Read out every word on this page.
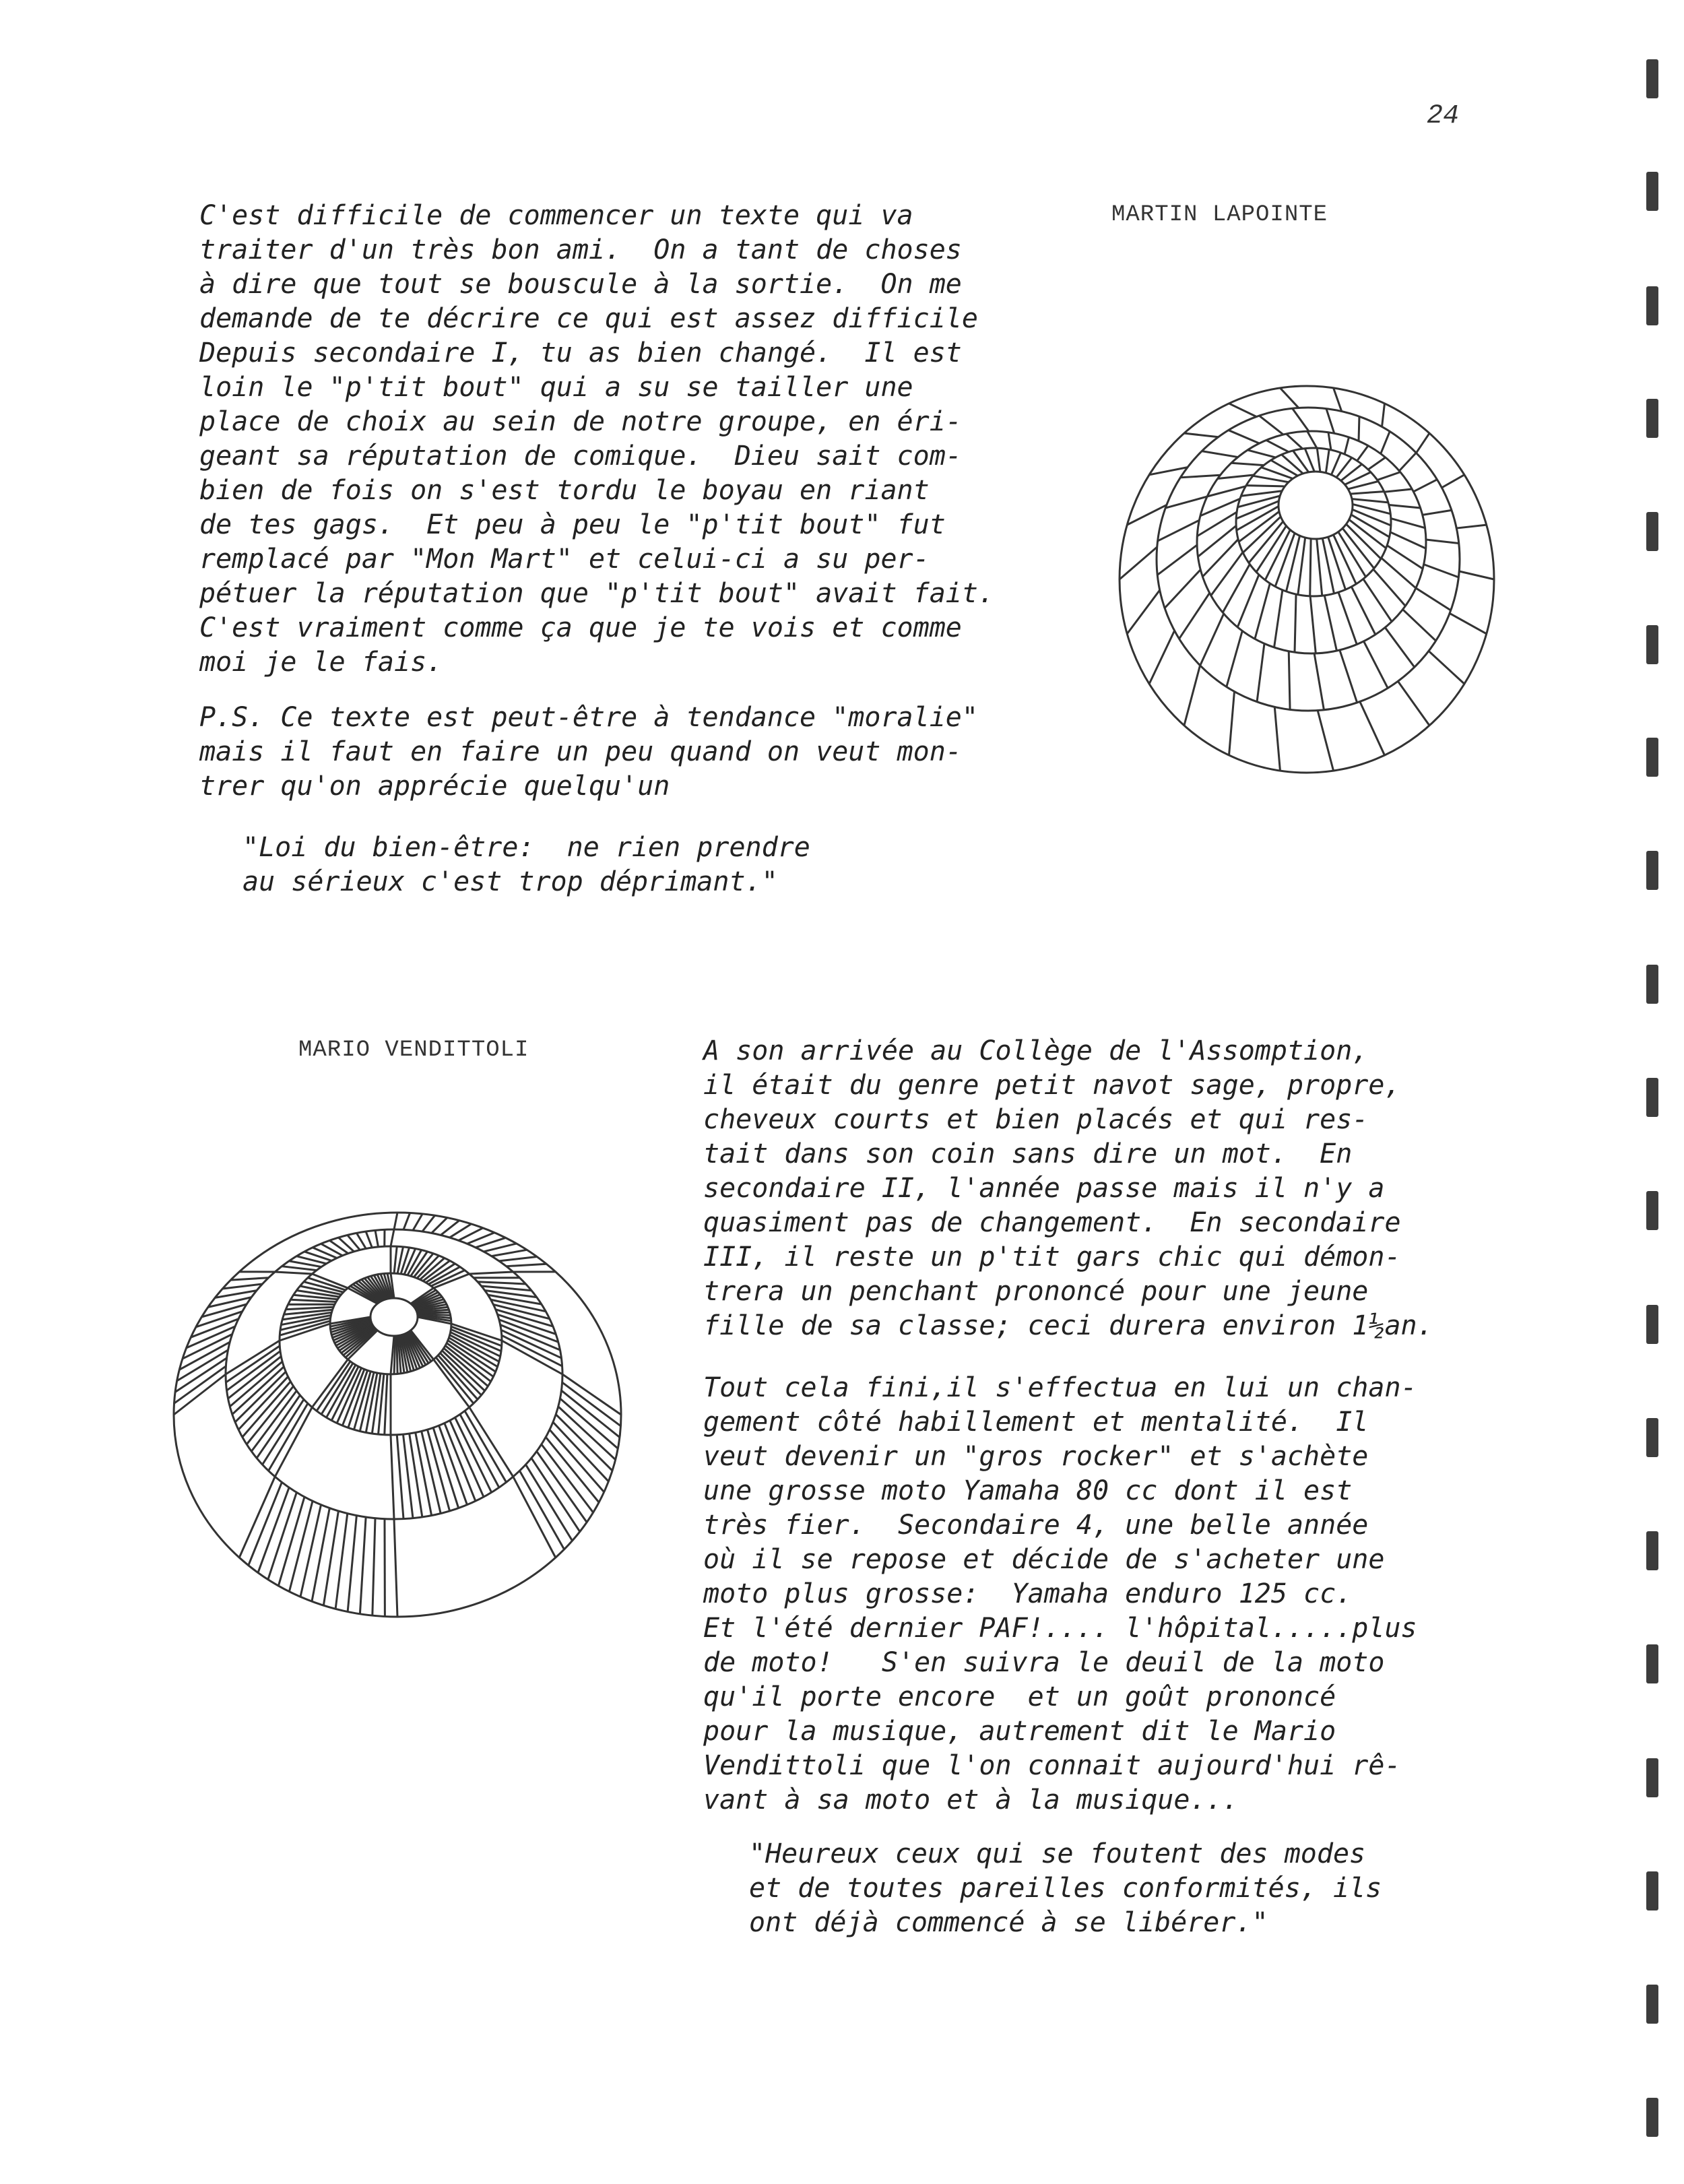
24
MARTIN LAPOINTE

C'est difficile de commencer un texte qui va
traiter d'un très bon ami.  On a tant de choses
à dire que tout se bouscule à la sortie.  On me
demande de te décrire ce qui est assez difficile
Depuis secondaire I, tu as bien changé.  Il est
loin le "p'tit bout" qui a su se tailler une
place de choix au sein de notre groupe, en éri-
geant sa réputation de comique.  Dieu sait com-
bien de fois on s'est tordu le boyau en riant
de tes gags.  Et peu à peu le "p'tit bout" fut
remplacé par "Mon Mart" et celui-ci a su per-
pétuer la réputation que "p'tit bout" avait fait.
C'est vraiment comme ça que je te vois et comme
moi je le fais.

P.S. Ce texte est peut-être à tendance "moralie"
mais il faut en faire un peu quand on veut mon-
trer qu'on apprécie quelqu'un

"Loi du bien-être:  ne rien prendre
au sérieux c'est trop déprimant."

MARIO VENDITTOLI	A son arrivée au Collège de l'Assomption,
il était du genre petit navot sage, propre,
cheveux courts et bien placés et qui res-
tait dans son coin sans dire un mot.  En
secondaire II, l'année passe mais il n'y a
quasiment pas de changement.  En secondaire
III, il reste un p'tit gars chic qui démon-
trera un penchant prononcé pour une jeune
fille de sa classe; ceci durera environ 1½an.

Tout cela fini,il s'effectua en lui un chan-
gement côté habillement et mentalité.  Il
veut devenir un "gros rocker" et s'achète
une grosse moto Yamaha 80 cc dont il est
très fier.  Secondaire 4, une belle année
où il se repose et décide de s'acheter une
moto plus grosse:  Yamaha enduro 125 cc.
Et l'été dernier PAF!.... l'hôpital.....plus
de moto!   S'en suivra le deuil de la moto
qu'il porte encore  et un goût prononcé
pour la musique, autrement dit le Mario
Vendittoli que l'on connait aujourd'hui rê-
vant à sa moto et à la musique...

"Heureux ceux qui se foutent des modes
et de toutes pareilles conformités, ils
ont déjà commencé à se libérer."
